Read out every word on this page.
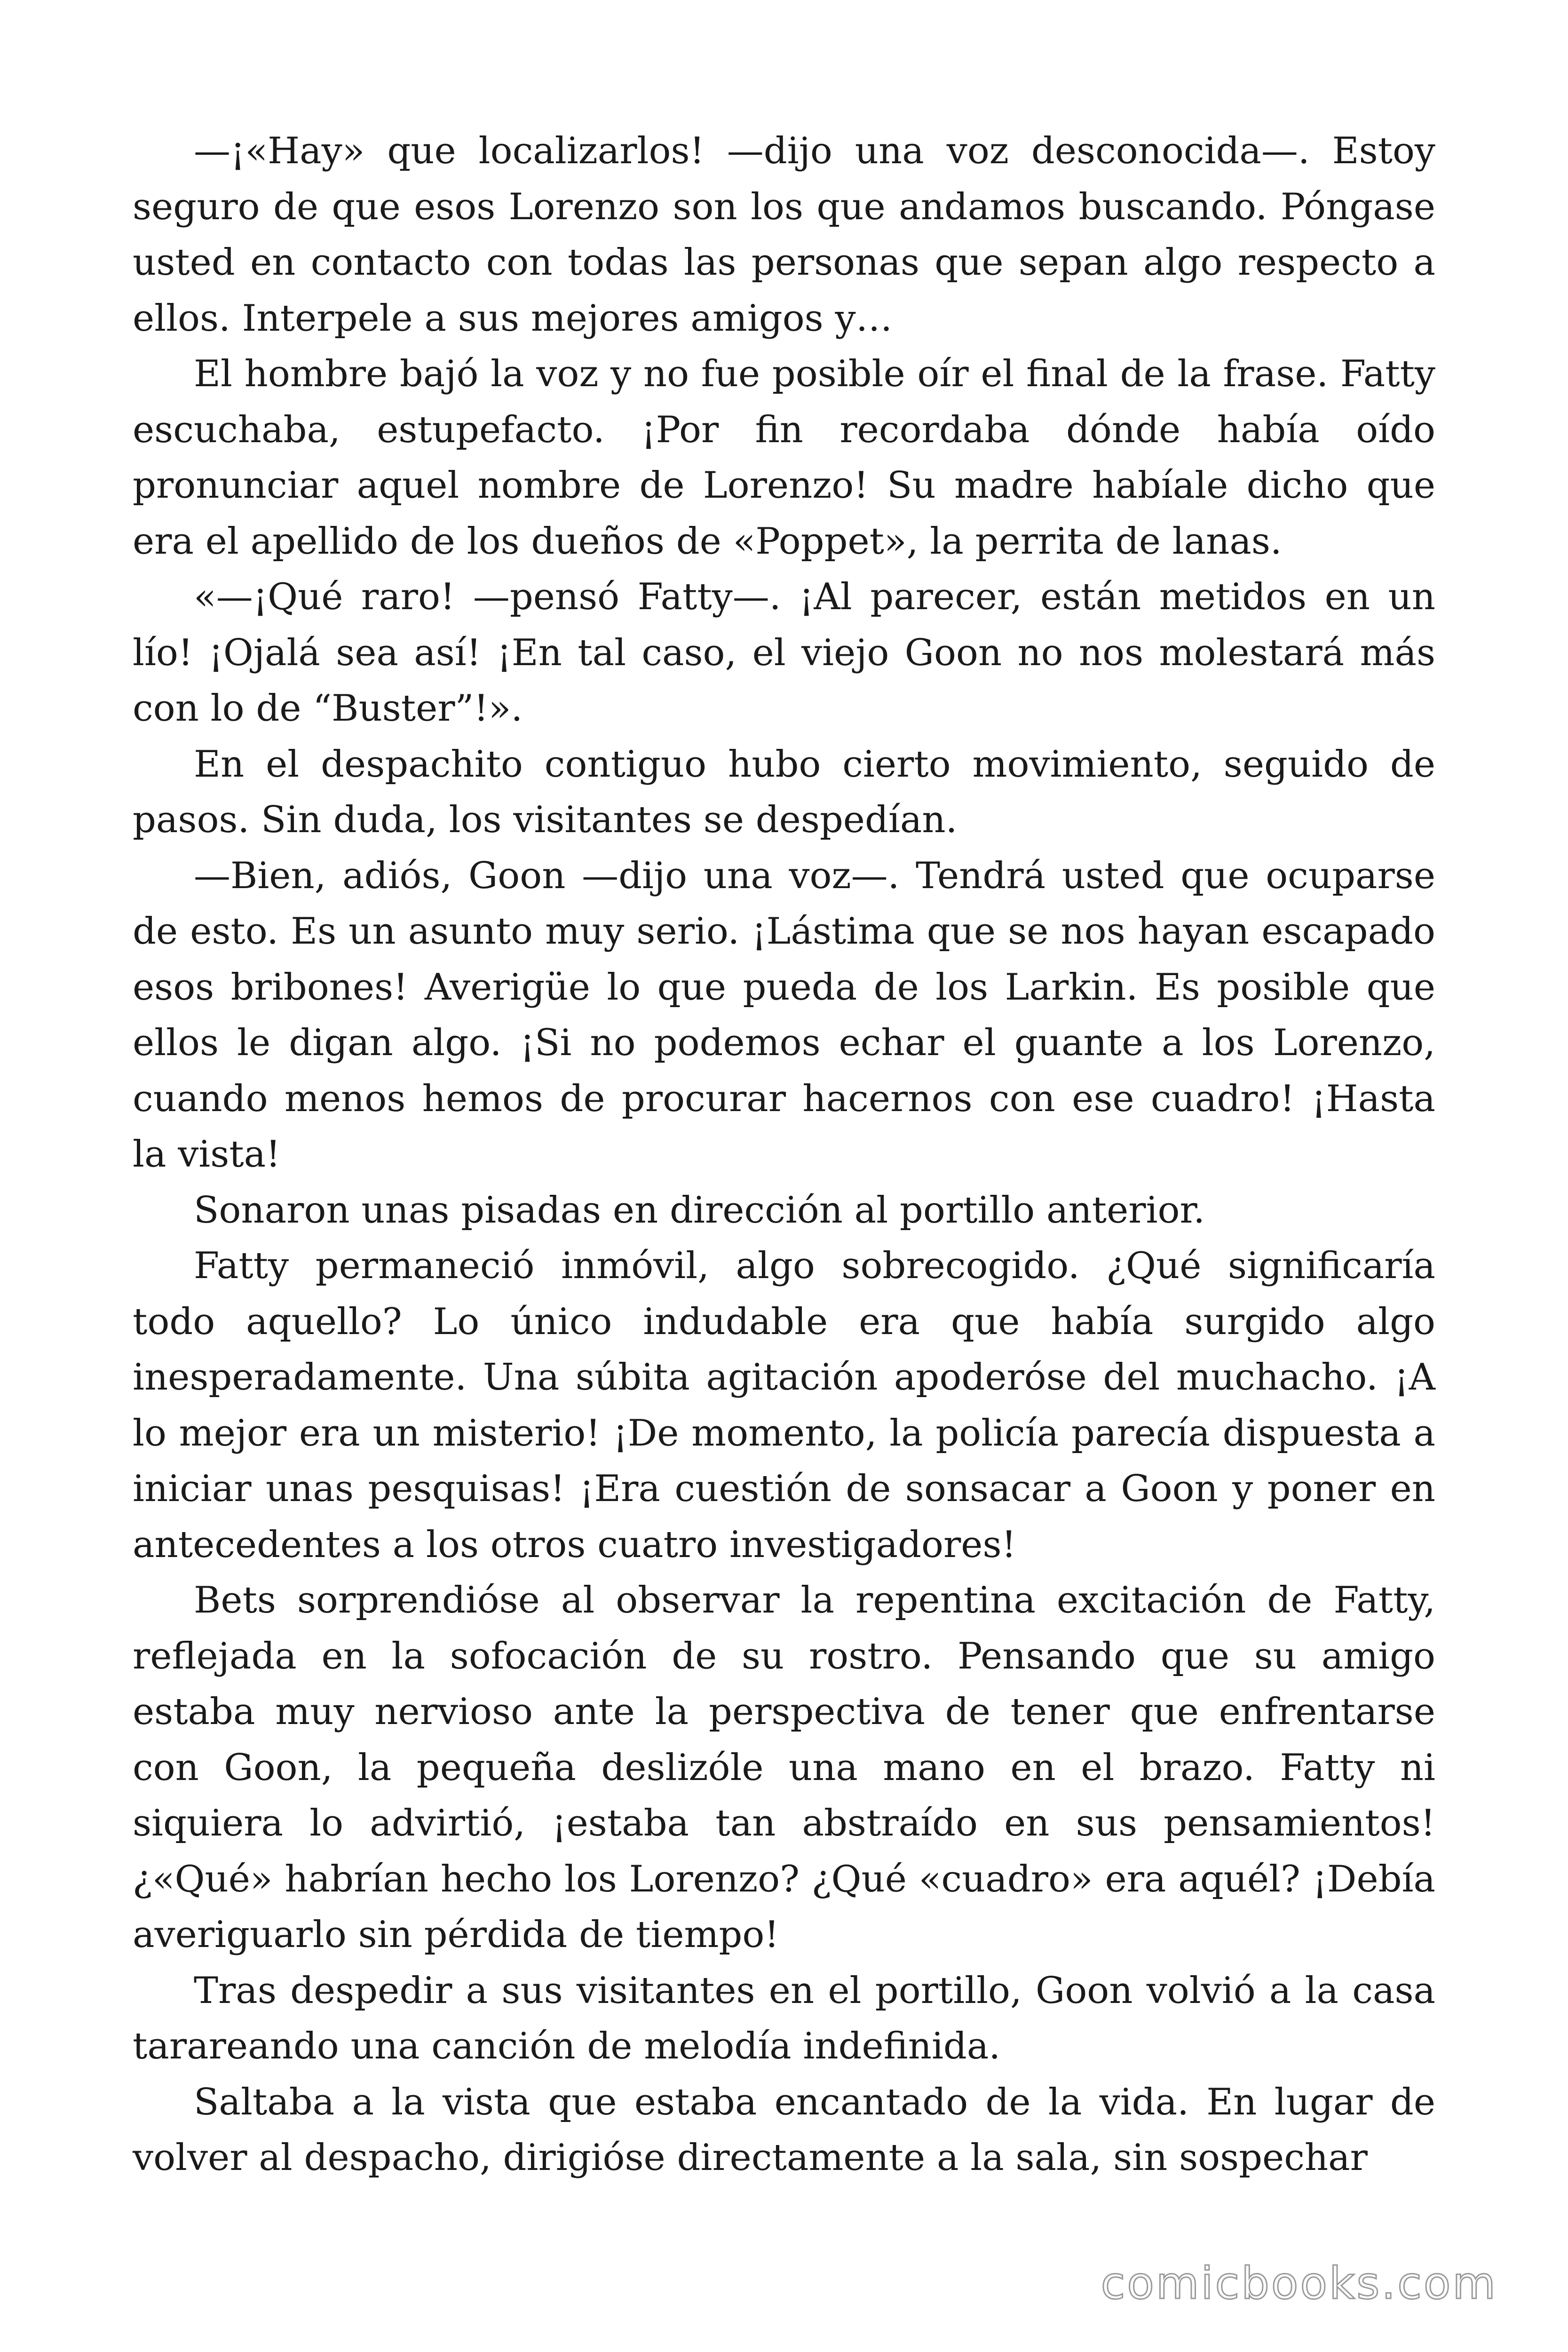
—¡«Hay» que localizarlos! —dijo una voz desconocida—. Estoy seguro de que esos Lorenzo son los que andamos buscando. Póngase usted en contacto con todas las personas que sepan algo respecto a ellos. Interpele a sus mejores amigos y…

El hombre bajó la voz y no fue posible oír el final de la frase. Fatty escuchaba, estupefacto. ¡Por fin recordaba dónde había oído pronunciar aquel nombre de Lorenzo! Su madre habíale dicho que era el apellido de los dueños de «Poppet», la perrita de lanas.

«—¡Qué raro! —pensó Fatty—. ¡Al parecer, están metidos en un lío! ¡Ojalá sea así! ¡En tal caso, el viejo Goon no nos molestará más con lo de “Buster”!».

En el despachito contiguo hubo cierto movimiento, seguido de pasos. Sin duda, los visitantes se despedían.

—Bien, adiós, Goon —dijo una voz—. Tendrá usted que ocuparse de esto. Es un asunto muy serio. ¡Lástima que se nos hayan escapado esos bribones! Averigüe lo que pueda de los Larkin. Es posible que ellos le digan algo. ¡Si no podemos echar el guante a los Lorenzo, cuando menos hemos de procurar hacernos con ese cuadro! ¡Hasta la vista!

Sonaron unas pisadas en dirección al portillo anterior.

Fatty permaneció inmóvil, algo sobrecogido. ¿Qué significaría todo aquello? Lo único indudable era que había surgido algo inesperadamente. Una súbita agitación apoderóse del muchacho. ¡A lo mejor era un misterio! ¡De momento, la policía parecía dispuesta a iniciar unas pesquisas! ¡Era cuestión de sonsacar a Goon y poner en antecedentes a los otros cuatro investigadores!

Bets sorprendióse al observar la repentina excitación de Fatty, reflejada en la sofocación de su rostro. Pensando que su amigo estaba muy nervioso ante la perspectiva de tener que enfrentarse con Goon, la pequeña deslizóle una mano en el brazo. Fatty ni siquiera lo advirtió, ¡estaba tan abstraído en sus pensamientos! ¿«Qué» habrían hecho los Lorenzo? ¿Qué «cuadro» era aquél? ¡Debía averiguarlo sin pérdida de tiempo!

Tras despedir a sus visitantes en el portillo, Goon volvió a la casa tarareando una canción de melodía indefinida.

Saltaba a la vista que estaba encantado de la vida. En lugar de volver al despacho, dirigióse directamente a la sala, sin sospechar

comicbooks.com
